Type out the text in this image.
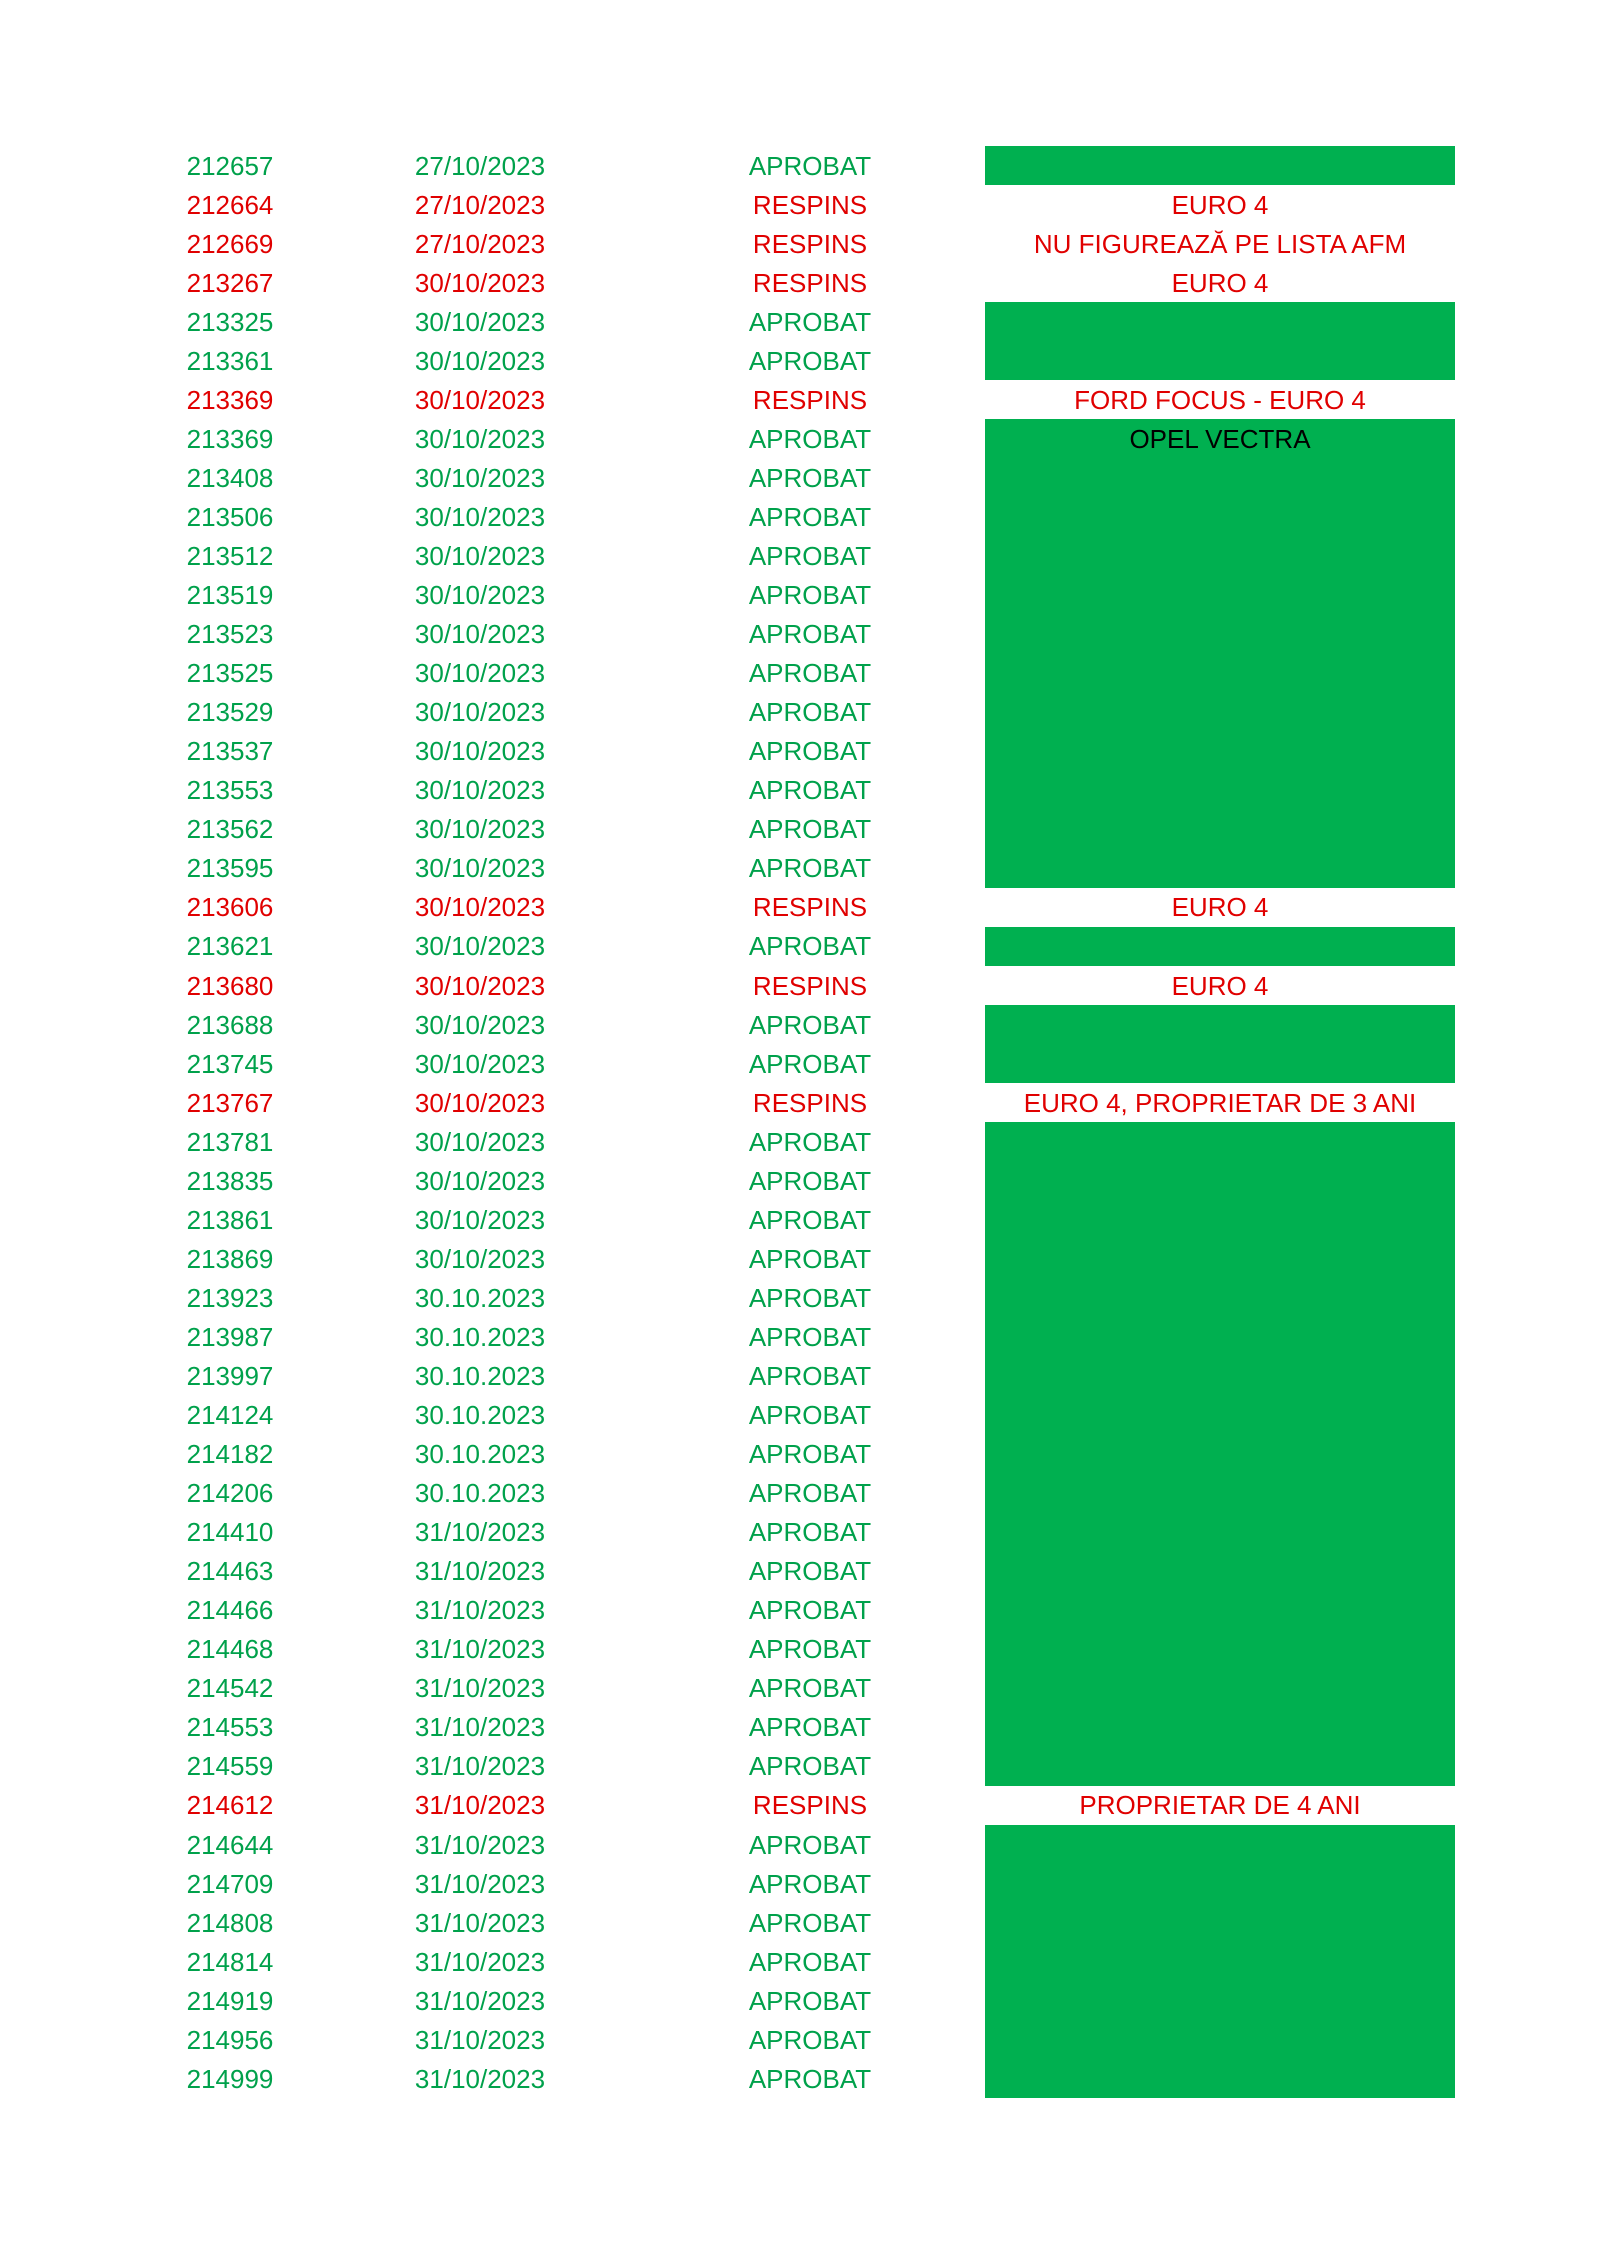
212657	27/10/2023	APROBAT
212664	27/10/2023	RESPINS	EURO 4
212669	27/10/2023	RESPINS	NU FIGUREAZĂ PE LISTA AFM
213267	30/10/2023	RESPINS	EURO 4
213325	30/10/2023	APROBAT
213361	30/10/2023	APROBAT
213369	30/10/2023	RESPINS	FORD FOCUS - EURO 4
213369	30/10/2023	APROBAT	OPEL VECTRA
213408	30/10/2023	APROBAT
213506	30/10/2023	APROBAT
213512	30/10/2023	APROBAT
213519	30/10/2023	APROBAT
213523	30/10/2023	APROBAT
213525	30/10/2023	APROBAT
213529	30/10/2023	APROBAT
213537	30/10/2023	APROBAT
213553	30/10/2023	APROBAT
213562	30/10/2023	APROBAT
213595	30/10/2023	APROBAT
213606	30/10/2023	RESPINS	EURO 4
213621	30/10/2023	APROBAT
213680	30/10/2023	RESPINS	EURO 4
213688	30/10/2023	APROBAT
213745	30/10/2023	APROBAT
213767	30/10/2023	RESPINS	EURO 4, PROPRIETAR DE 3 ANI
213781	30/10/2023	APROBAT
213835	30/10/2023	APROBAT
213861	30/10/2023	APROBAT
213869	30/10/2023	APROBAT
213923	30.10.2023	APROBAT
213987	30.10.2023	APROBAT
213997	30.10.2023	APROBAT
214124	30.10.2023	APROBAT
214182	30.10.2023	APROBAT
214206	30.10.2023	APROBAT
214410	31/10/2023	APROBAT
214463	31/10/2023	APROBAT
214466	31/10/2023	APROBAT
214468	31/10/2023	APROBAT
214542	31/10/2023	APROBAT
214553	31/10/2023	APROBAT
214559	31/10/2023	APROBAT
214612	31/10/2023	RESPINS	PROPRIETAR DE 4 ANI
214644	31/10/2023	APROBAT
214709	31/10/2023	APROBAT
214808	31/10/2023	APROBAT
214814	31/10/2023	APROBAT
214919	31/10/2023	APROBAT
214956	31/10/2023	APROBAT
214999	31/10/2023	APROBAT
